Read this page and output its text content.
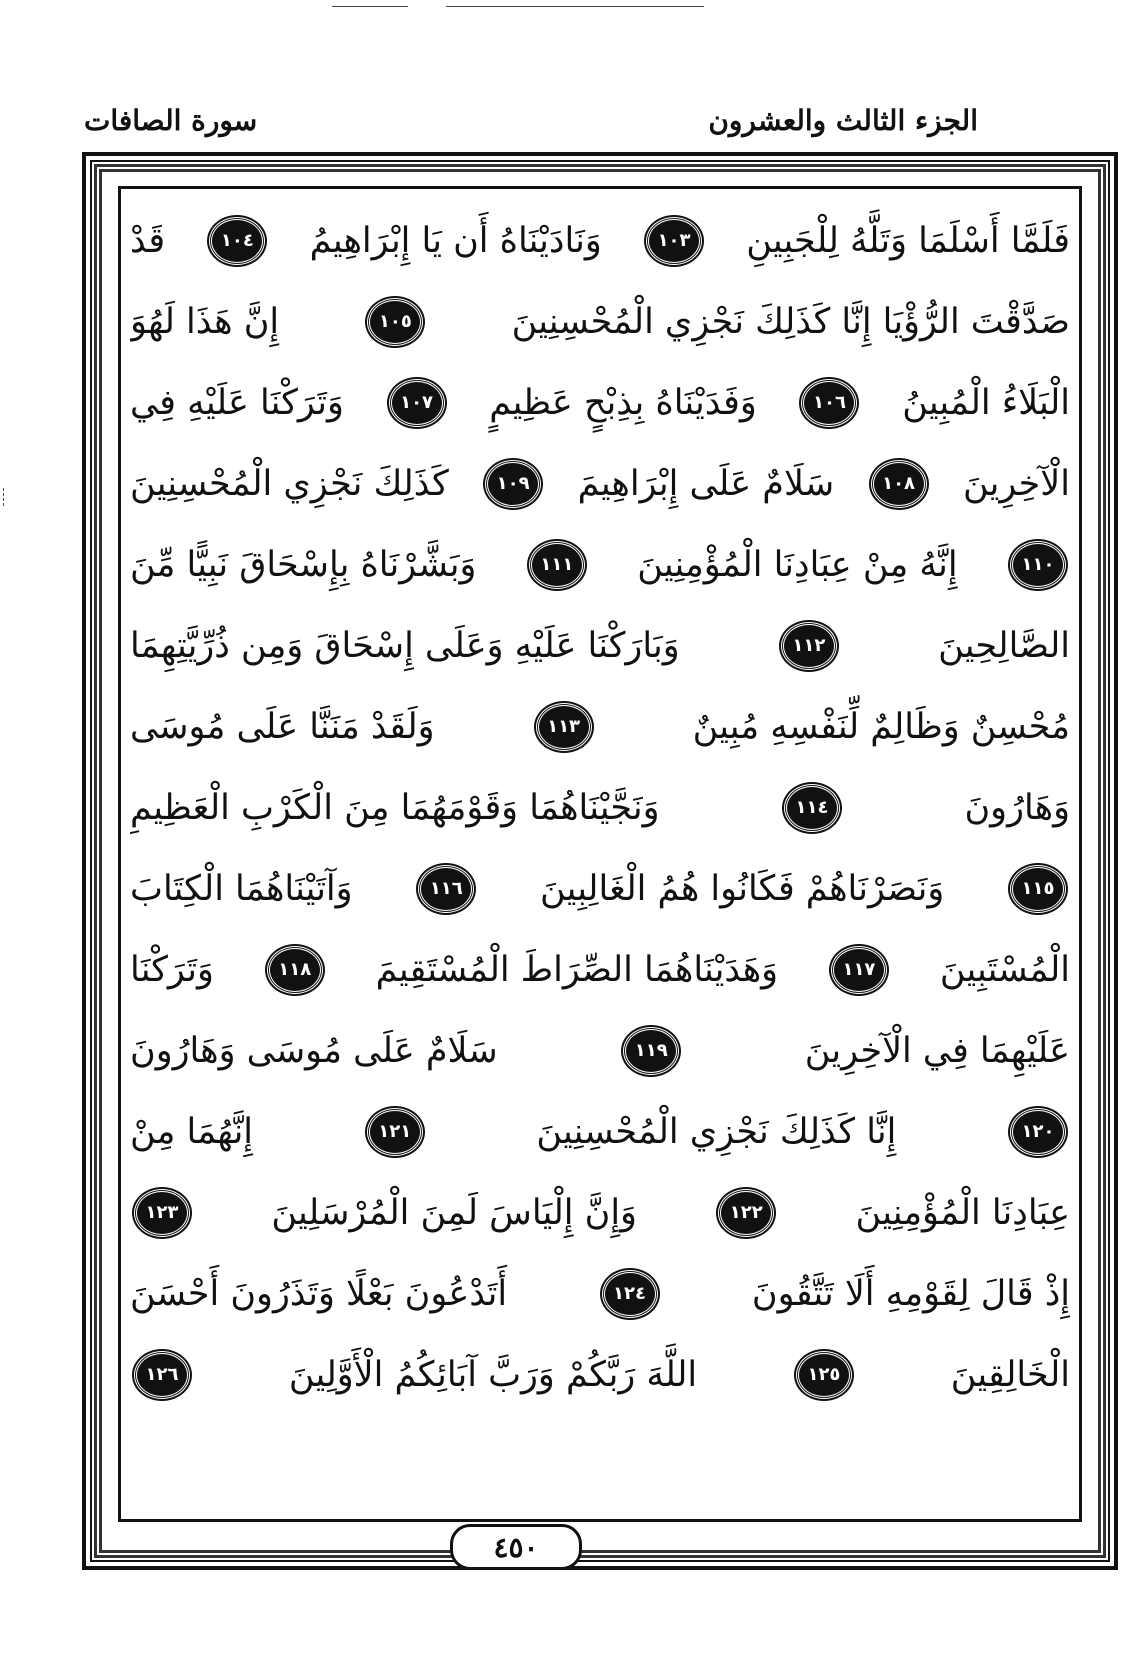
الجزء الثالث والعشرون
سورة الصافات
فَلَمَّا أَسْلَمَا وَتَلَّهُ لِلْجَبِينِ
١٠٣
وَنَادَيْنَاهُ أَن يَا إِبْرَاهِيمُ
١٠٤
قَدْ
صَدَّقْتَ الرُّؤْيَا إِنَّا كَذَلِكَ نَجْزِي الْمُحْسِنِينَ
١٠٥
إِنَّ هَذَا لَهُوَ
الْبَلَاءُ الْمُبِينُ
١٠٦
وَفَدَيْنَاهُ بِذِبْحٍ عَظِيمٍ
١٠٧
وَتَرَكْنَا عَلَيْهِ فِي
الْآخِرِينَ
١٠٨
سَلَامٌ عَلَى إِبْرَاهِيمَ
١٠٩
كَذَلِكَ نَجْزِي الْمُحْسِنِينَ
١١٠
إِنَّهُ مِنْ عِبَادِنَا الْمُؤْمِنِينَ
١١١
وَبَشَّرْنَاهُ بِإِسْحَاقَ نَبِيًّا مِّنَ
الصَّالِحِينَ
١١٢
وَبَارَكْنَا عَلَيْهِ وَعَلَى إِسْحَاقَ وَمِن ذُرِّيَّتِهِمَا
مُحْسِنٌ وَظَالِمٌ لِّنَفْسِهِ مُبِينٌ
١١٣
وَلَقَدْ مَنَنَّا عَلَى مُوسَى
وَهَارُونَ
١١٤
وَنَجَّيْنَاهُمَا وَقَوْمَهُمَا مِنَ الْكَرْبِ الْعَظِيمِ
١١٥
وَنَصَرْنَاهُمْ فَكَانُوا هُمُ الْغَالِبِينَ
١١٦
وَآتَيْنَاهُمَا الْكِتَابَ
الْمُسْتَبِينَ
١١٧
وَهَدَيْنَاهُمَا الصِّرَاطَ الْمُسْتَقِيمَ
١١٨
وَتَرَكْنَا
عَلَيْهِمَا فِي الْآخِرِينَ
١١٩
سَلَامٌ عَلَى مُوسَى وَهَارُونَ
١٢٠
إِنَّا كَذَلِكَ نَجْزِي الْمُحْسِنِينَ
١٢١
إِنَّهُمَا مِنْ
عِبَادِنَا الْمُؤْمِنِينَ
١٢٢
وَإِنَّ إِلْيَاسَ لَمِنَ الْمُرْسَلِينَ
١٢٣
إِذْ قَالَ لِقَوْمِهِ أَلَا تَتَّقُونَ
١٢٤
أَتَدْعُونَ بَعْلًا وَتَذَرُونَ أَحْسَنَ
الْخَالِقِينَ
١٢٥
اللَّهَ رَبَّكُمْ وَرَبَّ آبَائِكُمُ الْأَوَّلِينَ
١٢٦
٤٥٠
